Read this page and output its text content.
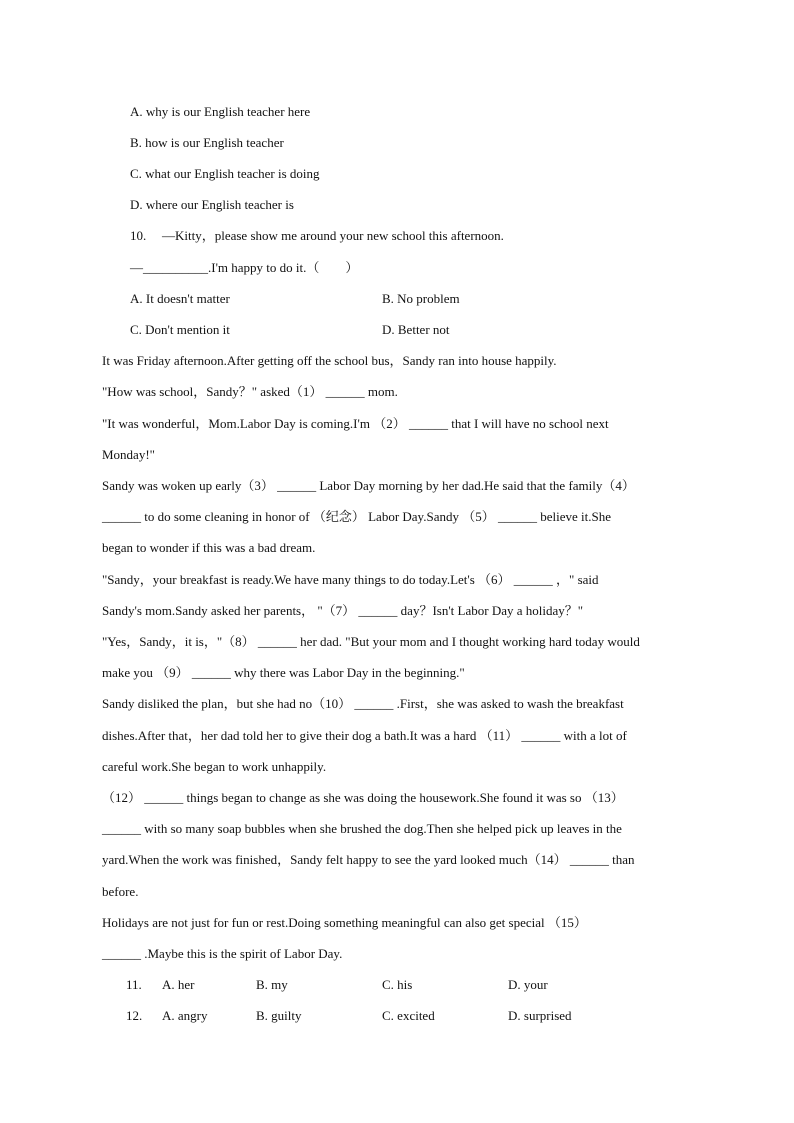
A. why is our English teacher here
B. how is our English teacher
C. what our English teacher is doing
D. where our English teacher is
10. —Kitty，please show me around your new school this afternoon.
—__________.I'm happy to do it.（　　）
A. It doesn't matter	B. No problem
C. Don't mention it	D. Better not
It was Friday afternoon.After getting off the school bus，Sandy ran into house happily.
"How was school，Sandy？" asked（1） ______ mom.
"It was wonderful，Mom.Labor Day is coming.I'm （2） ______ that I will have no school next
Monday!"
Sandy was woken up early（3） ______ Labor Day morning by her dad.He said that the family（4）
______ to do some cleaning in honor of （纪念） Labor Day.Sandy （5） ______ believe it.She
began to wonder if this was a bad dream.
"Sandy，your breakfast is ready.We have many things to do today.Let's （6） ______ ，" said
Sandy's mom.Sandy asked her parents， "（7） ______ day？Isn't Labor Day a holiday？"
"Yes，Sandy，it is，"（8） ______ her dad. "But your mom and I thought working hard today would
make you （9） ______ why there was Labor Day in the beginning."
Sandy disliked the plan，but she had no（10） ______ .First，she was asked to wash the breakfast
dishes.After that，her dad told her to give their dog a bath.It was a hard （11） ______ with a lot of
careful work.She began to work unhappily.
（12） ______ things began to change as she was doing the housework.She found it was so （13）
______ with so many soap bubbles when she brushed the dog.Then she helped pick up leaves in the
yard.When the work was finished，Sandy felt happy to see the yard looked much（14） ______ than
before.
Holidays are not just for fun or rest.Doing something meaningful can also get special （15）
______ .Maybe this is the spirit of Labor Day.
11. A. her	B. my	C. his	D. your
12. A. angry	B. guilty	C. excited	D. surprised
